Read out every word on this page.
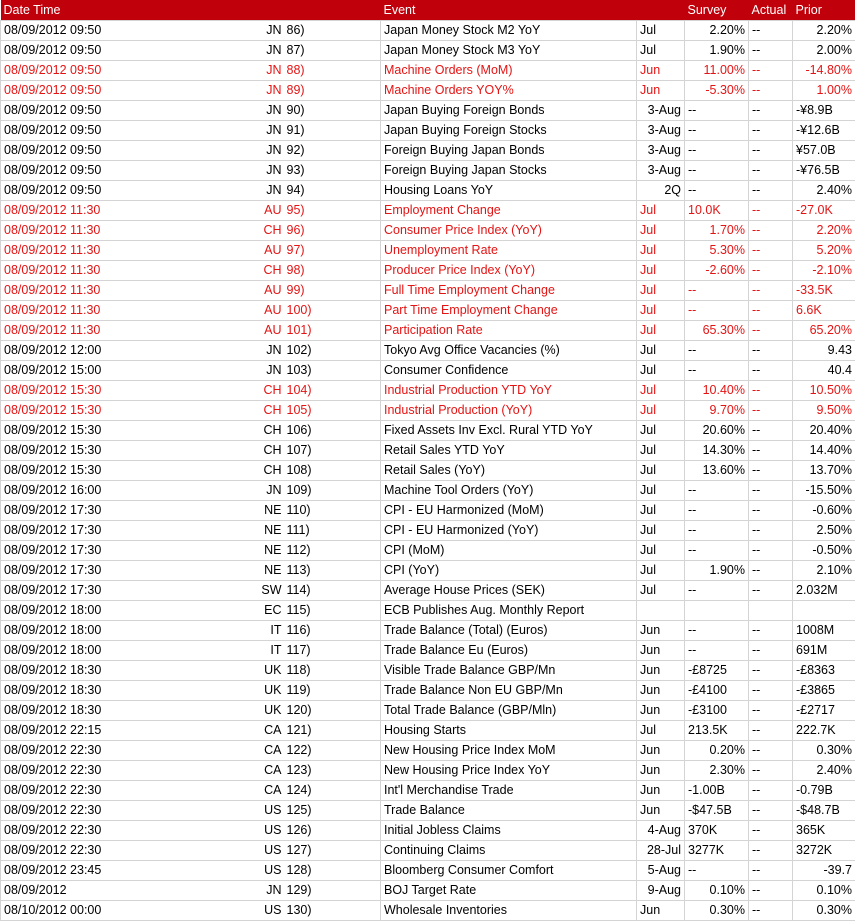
Date Time			Event		Survey	Actual	Prior
08/09/2012 09:50	JN	86)	Japan Money Stock M2 YoY	Jul	2.20%	--	2.20%
08/09/2012 09:50	JN	87)	Japan Money Stock M3 YoY	Jul	1.90%	--	2.00%
08/09/2012 09:50	JN	88)	Machine Orders (MoM)	Jun	11.00%	--	-14.80%
08/09/2012 09:50	JN	89)	Machine Orders YOY%	Jun	-5.30%	--	1.00%
08/09/2012 09:50	JN	90)	Japan Buying Foreign Bonds	3-Aug	--	--	-¥8.9B
08/09/2012 09:50	JN	91)	Japan Buying Foreign Stocks	3-Aug	--	--	-¥12.6B
08/09/2012 09:50	JN	92)	Foreign Buying Japan Bonds	3-Aug	--	--	¥57.0B
08/09/2012 09:50	JN	93)	Foreign Buying Japan Stocks	3-Aug	--	--	-¥76.5B
08/09/2012 09:50	JN	94)	Housing Loans YoY	2Q	--	--	2.40%
08/09/2012 11:30	AU	95)	Employment Change	Jul	10.0K	--	-27.0K
08/09/2012 11:30	CH	96)	Consumer Price Index (YoY)	Jul	1.70%	--	2.20%
08/09/2012 11:30	AU	97)	Unemployment Rate	Jul	5.30%	--	5.20%
08/09/2012 11:30	CH	98)	Producer Price Index (YoY)	Jul	-2.60%	--	-2.10%
08/09/2012 11:30	AU	99)	Full Time Employment Change	Jul	--	--	-33.5K
08/09/2012 11:30	AU	100)	Part Time Employment Change	Jul	--	--	6.6K
08/09/2012 11:30	AU	101)	Participation Rate	Jul	65.30%	--	65.20%
08/09/2012 12:00	JN	102)	Tokyo Avg Office Vacancies (%)	Jul	--	--	9.43
08/09/2012 15:00	JN	103)	Consumer Confidence	Jul	--	--	40.4
08/09/2012 15:30	CH	104)	Industrial Production YTD YoY	Jul	10.40%	--	10.50%
08/09/2012 15:30	CH	105)	Industrial Production (YoY)	Jul	9.70%	--	9.50%
08/09/2012 15:30	CH	106)	Fixed Assets Inv Excl. Rural YTD YoY	Jul	20.60%	--	20.40%
08/09/2012 15:30	CH	107)	Retail Sales YTD YoY	Jul	14.30%	--	14.40%
08/09/2012 15:30	CH	108)	Retail Sales (YoY)	Jul	13.60%	--	13.70%
08/09/2012 16:00	JN	109)	Machine Tool Orders (YoY)	Jul	--	--	-15.50%
08/09/2012 17:30	NE	110)	CPI - EU Harmonized (MoM)	Jul	--	--	-0.60%
08/09/2012 17:30	NE	111)	CPI - EU Harmonized (YoY)	Jul	--	--	2.50%
08/09/2012 17:30	NE	112)	CPI (MoM)	Jul	--	--	-0.50%
08/09/2012 17:30	NE	113)	CPI (YoY)	Jul	1.90%	--	2.10%
08/09/2012 17:30	SW	114)	Average House Prices (SEK)	Jul	--	--	2.032M
08/09/2012 18:00	EC	115)	ECB Publishes Aug. Monthly Report				
08/09/2012 18:00	IT	116)	Trade Balance (Total) (Euros)	Jun	--	--	1008M
08/09/2012 18:00	IT	117)	Trade Balance Eu (Euros)	Jun	--	--	691M
08/09/2012 18:30	UK	118)	Visible Trade Balance GBP/Mn	Jun	-£8725	--	-£8363
08/09/2012 18:30	UK	119)	Trade Balance Non EU GBP/Mn	Jun	-£4100	--	-£3865
08/09/2012 18:30	UK	120)	Total Trade Balance (GBP/Mln)	Jun	-£3100	--	-£2717
08/09/2012 22:15	CA	121)	Housing Starts	Jul	213.5K	--	222.7K
08/09/2012 22:30	CA	122)	New Housing Price Index MoM	Jun	0.20%	--	0.30%
08/09/2012 22:30	CA	123)	New Housing Price Index YoY	Jun	2.30%	--	2.40%
08/09/2012 22:30	CA	124)	Int'l Merchandise Trade	Jun	-1.00B	--	-0.79B
08/09/2012 22:30	US	125)	Trade Balance	Jun	-$47.5B	--	-$48.7B
08/09/2012 22:30	US	126)	Initial Jobless Claims	4-Aug	370K	--	365K
08/09/2012 22:30	US	127)	Continuing Claims	28-Jul	3277K	--	3272K
08/09/2012 23:45	US	128)	Bloomberg Consumer Comfort	5-Aug	--	--	-39.7
08/09/2012	JN	129)	BOJ Target Rate	9-Aug	0.10%	--	0.10%
08/10/2012 00:00	US	130)	Wholesale Inventories	Jun	0.30%	--	0.30%
